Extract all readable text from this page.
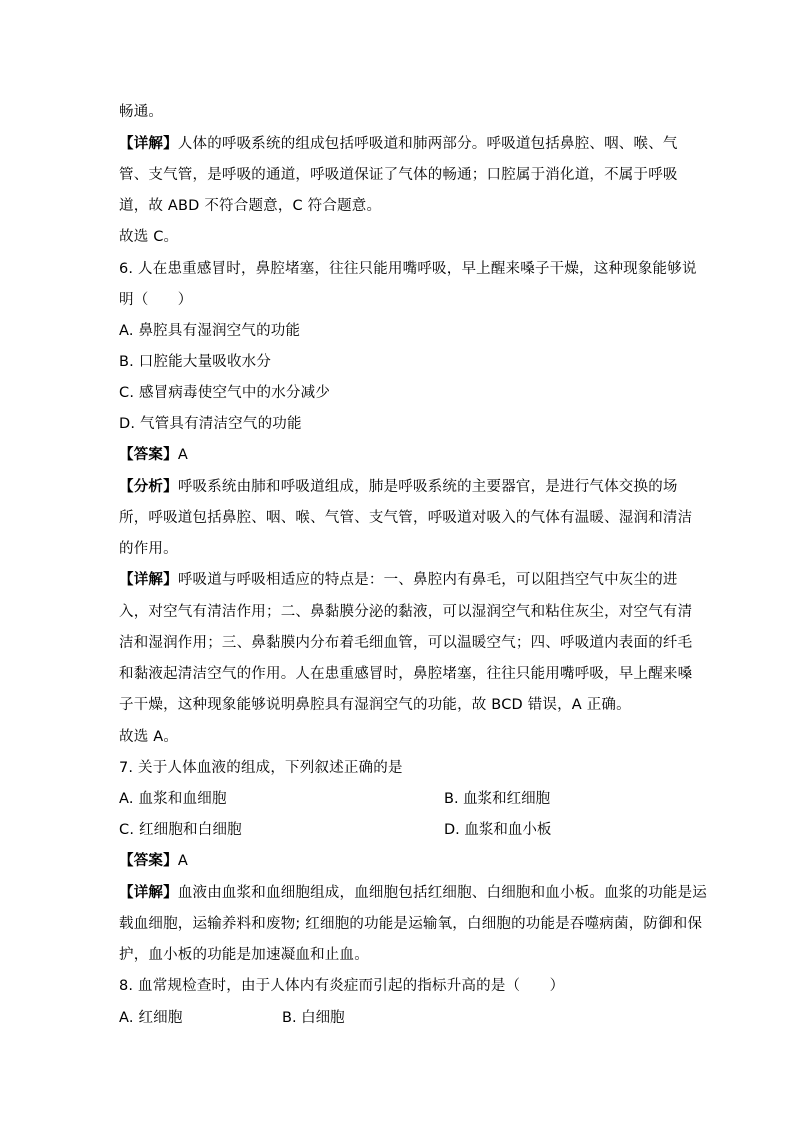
畅通。
【详解】人体的呼吸系统的组成包括呼吸道和肺两部分。呼吸道包括鼻腔、咽、喉、气
管、支气管，是呼吸的通道，呼吸道保证了气体的畅通；口腔属于消化道，不属于呼吸
道，故 ABD 不符合题意，C 符合题意。
故选 C。
6. 人在患重感冒时，鼻腔堵塞，往往只能用嘴呼吸，早上醒来嗓子干燥，这种现象能够说
明（　　）
A. 鼻腔具有湿润空气的功能
B. 口腔能大量吸收水分
C. 感冒病毒使空气中的水分减少
D. 气管具有清洁空气的功能
【答案】A
【分析】呼吸系统由肺和呼吸道组成，肺是呼吸系统的主要器官，是进行气体交换的场
所，呼吸道包括鼻腔、咽、喉、气管、支气管，呼吸道对吸入的气体有温暖、湿润和清洁
的作用。
【详解】呼吸道与呼吸相适应的特点是：一、鼻腔内有鼻毛，可以阻挡空气中灰尘的进
入，对空气有清洁作用；二、鼻黏膜分泌的黏液，可以湿润空气和粘住灰尘，对空气有清
洁和湿润作用；三、鼻黏膜内分布着毛细血管，可以温暖空气；四、呼吸道内表面的纤毛
和黏液起清洁空气的作用。人在患重感冒时，鼻腔堵塞，往往只能用嘴呼吸，早上醒来嗓
子干燥，这种现象能够说明鼻腔具有湿润空气的功能，故 BCD 错误，A 正确。
故选 A。
7. 关于人体血液的组成，下列叙述正确的是
A. 血浆和血细胞	B. 血浆和红细胞
C. 红细胞和白细胞	D. 血浆和血小板
【答案】A
【详解】血液由血浆和血细胞组成，血细胞包括红细胞、白细胞和血小板。血浆的功能是运
载血细胞，运输养料和废物; 红细胞的功能是运输氧，白细胞的功能是吞噬病菌，防御和保
护，血小板的功能是加速凝血和止血。
8. 血常规检查时，由于人体内有炎症而引起的指标升高的是（　　）
A. 红细胞	B. 白细胞
